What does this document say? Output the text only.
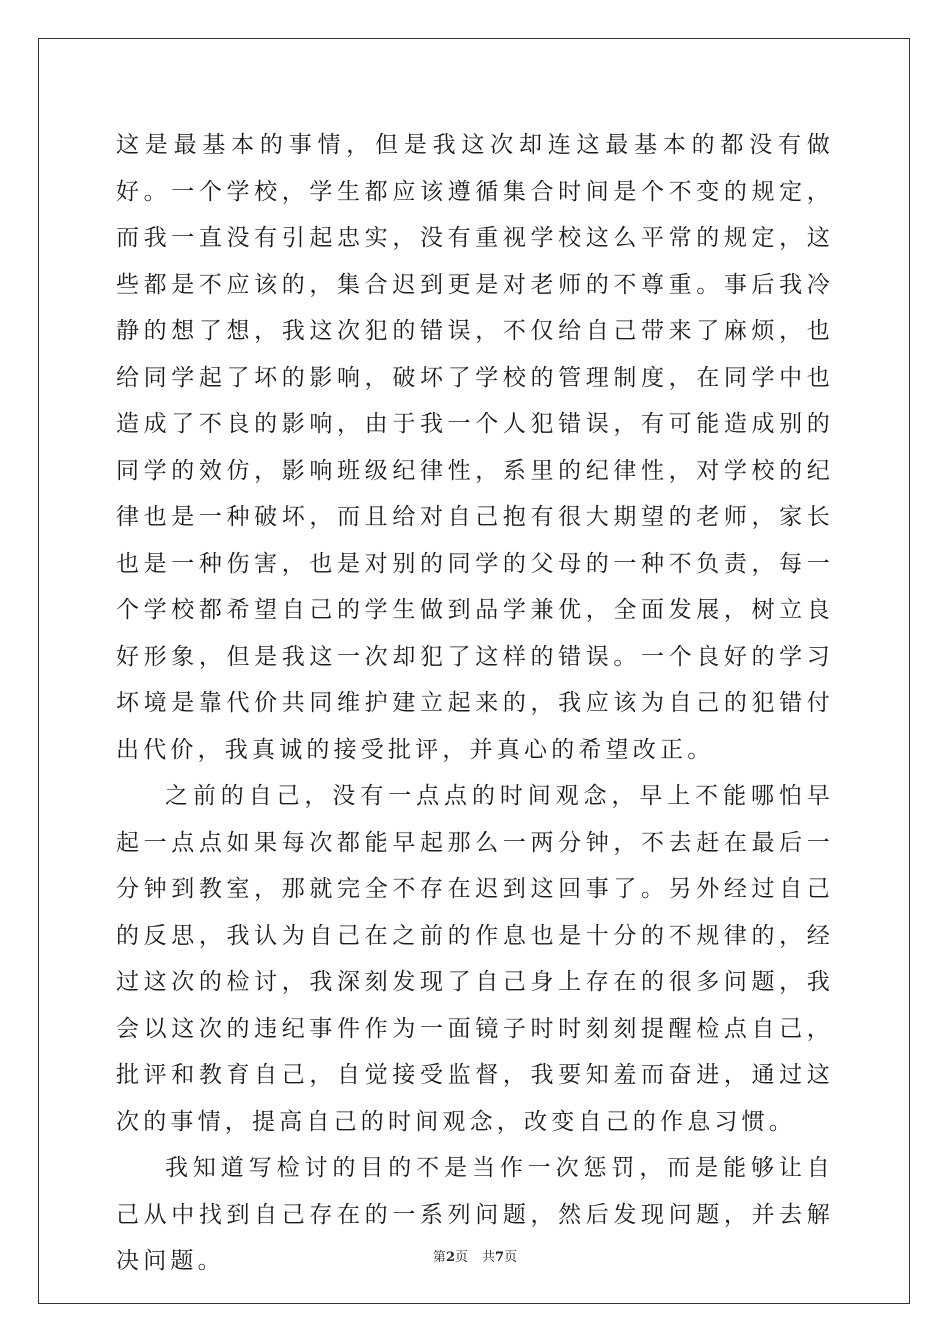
这是最基本的事情，但是我这次却连这最基本的都没有做好。一个学校，学生都应该遵循集合时间是个不变的规定，而我一直没有引起忠实，没有重视学校这么平常的规定，这些都是不应该的，集合迟到更是对老师的不尊重。事后我冷静的想了想，我这次犯的错误，不仅给自己带来了麻烦，也给同学起了坏的影响，破坏了学校的管理制度，在同学中也造成了不良的影响，由于我一个人犯错误，有可能造成别的同学的效仿，影响班级纪律性，系里的纪律性，对学校的纪律也是一种破坏，而且给对自己抱有很大期望的老师，家长也是一种伤害，也是对别的同学的父母的一种不负责，每一个学校都希望自己的学生做到品学兼优，全面发展，树立良好形象，但是我这一次却犯了这样的错误。一个良好的学习坏境是靠代价共同维护建立起来的，我应该为自己的犯错付出代价，我真诚的接受批评，并真心的希望改正。

之前的自己，没有一点点的时间观念，早上不能哪怕早起一点点如果每次都能早起那么一两分钟，不去赶在最后一分钟到教室，那就完全不存在迟到这回事了。另外经过自己的反思，我认为自己在之前的作息也是十分的不规律的，经过这次的检讨，我深刻发现了自己身上存在的很多问题，我会以这次的违纪事件作为一面镜子时时刻刻提醒检点自己，批评和教育自己，自觉接受监督，我要知羞而奋进，通过这次的事情，提高自己的时间观念，改变自己的作息习惯。

我知道写检讨的目的不是当作一次惩罚，而是能够让自己从中找到自己存在的一系列问题，然后发现问题，并去解决问题。	第2页 共7页
